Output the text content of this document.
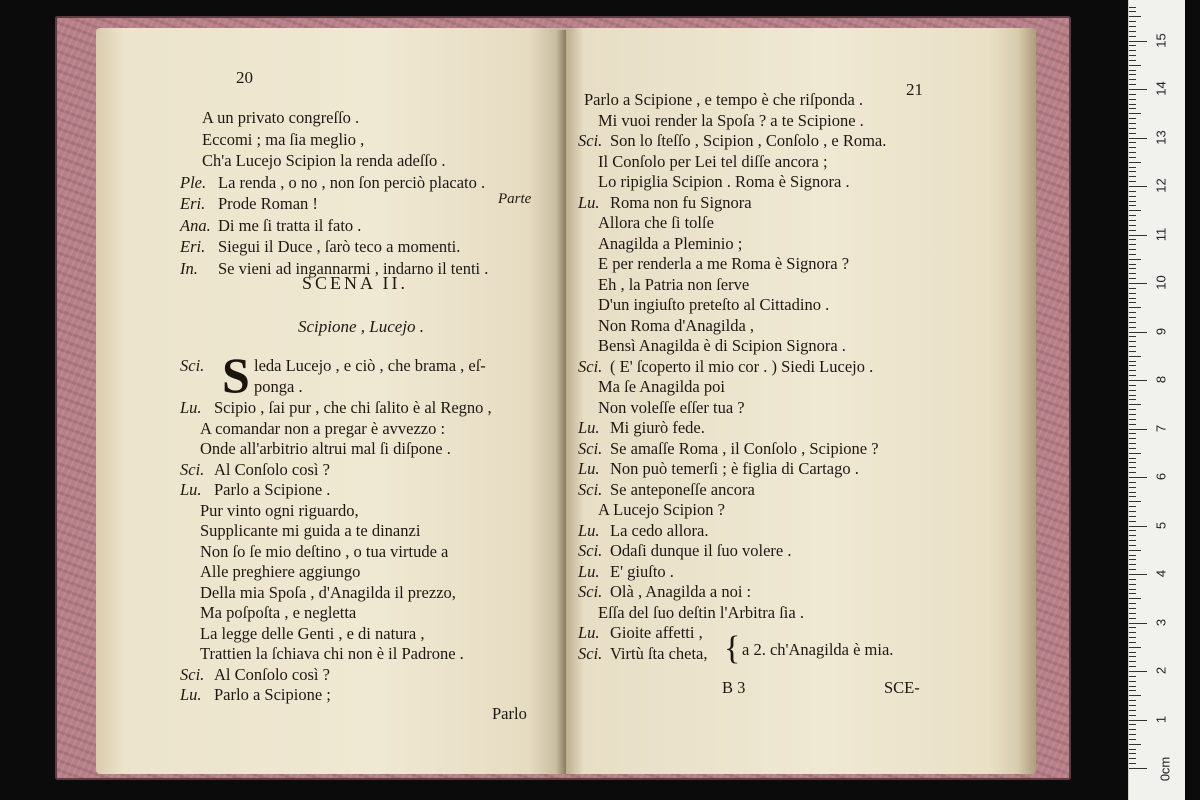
20
A un privato congreſſo .
Eccomi ; ma ſia meglio ,
Ch'a Lucejo Scipion la renda adeſſo .
Ple. La renda , o no , non ſon perciò placato .
Eri. Prode Roman !
Ana. Di me ſi tratta il fato .
Eri. Siegui il Duce , ſarò teco a momenti.
In. Se vieni ad ingannarmi , indarno il tenti .
Parte
SCENA II.
Scipione , Lucejo .
Sci. S leda Lucejo , e ciò , che brama , eſ-
ponga .
Lu. Scipio , ſai pur , che chi ſalito è al Regno ,
A comandar non a pregar è avvezzo :
Onde all'arbitrio altrui mal ſi diſpone .
Sci. Al Conſolo così ?
Lu. Parlo a Scipione .
Pur vinto ogni riguardo,
Supplicante mi guida a te dinanzi
Non ſo ſe mio deſtino , o tua virtude a
Alle preghiere aggiungo
Della mia Spoſa , d'Anagilda il prezzo,
Ma poſpoſta , e negletta
La legge delle Genti , e di natura ,
Trattien la ſchiava chi non è il Padrone .
Sci. Al Conſolo così ?
Lu. Parlo a Scipione ;
Parlo
21
Parlo a Scipione , e tempo è che riſponda .
Mi vuoi render la Spoſa ? a te Scipione .
Sci. Son lo ſteſſo , Scipion , Conſolo , e Roma.
Il Conſolo per Lei tel diſſe ancora ;
Lo ripiglia Scipion . Roma è Signora .
Lu. Roma non fu Signora
Allora che ſi tolſe
Anagilda a Pleminio ;
E per renderla a me Roma è Signora ?
Eh , la Patria non ſerve
D'un ingiuſto preteſto al Cittadino .
Non Roma d'Anagilda ,
Bensì Anagilda è di Scipion Signora .
Sci. ( E' ſcoperto il mio cor . ) Siedi Lucejo .
Ma ſe Anagilda poi
Non voleſſe eſſer tua ?
Lu. Mi giurò fede.
Sci. Se amaſſe Roma , il Conſolo , Scipione ?
Lu. Non può temerſi ; è figlia di Cartago .
Sci. Se anteponeſſe ancora
A Lucejo Scipion ?
Lu. La cedo allora.
Sci. Odaſi dunque il ſuo volere .
Lu. E' giuſto .
Sci. Olà , Anagilda a noi :
Eſſa del ſuo deſtin l'Arbitra ſia .
Lu. Gioite affetti ,
Sci. Virtù ſta cheta, { a 2. ch'Anagilda è mia.
B 3	SCE-
1
2
3
4
5
6
7
8
9
10
11
12
13
14
15
0
cm
